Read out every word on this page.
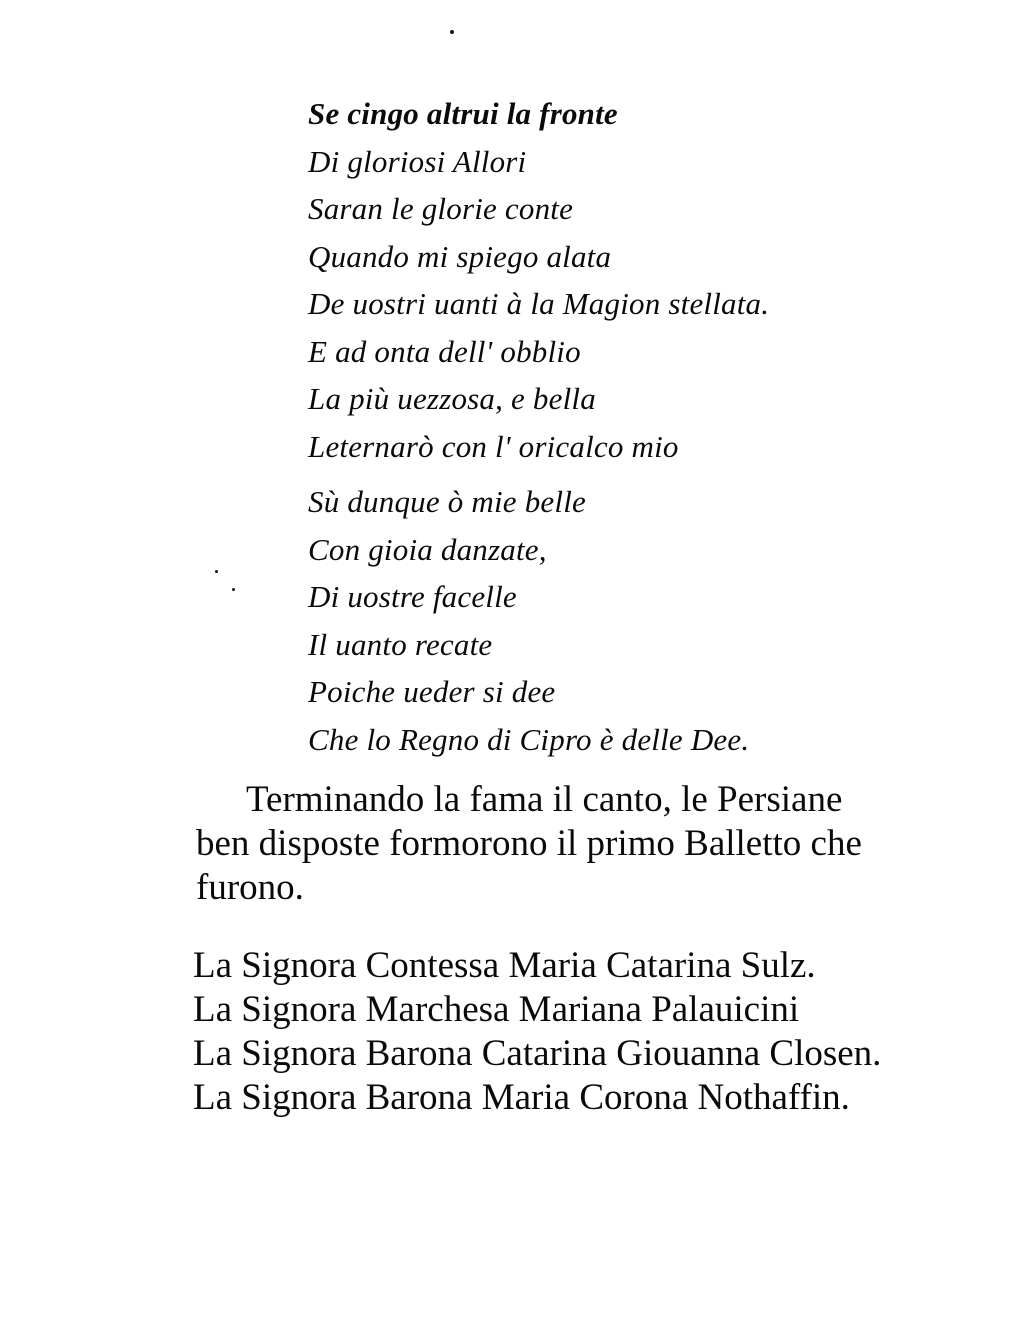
Se cingo altrui la fronte
Di gloriosi Allori
Saran le glorie conte
Quando mi spiego alata
De uostri uanti à la Magion stellata.
E ad onta dell' obblio
La più uezzosa, e bella
Leternarò con l' oricalco mio
Sù dunque ò mie belle
Con gioia danzate,
Di uostre facelle
Il uanto recate
Poiche ueder si dee
Che lo Regno di Cipro è delle Dee.

Terminando la fama il canto, le Persiane
ben disposte formorono il primo Balletto che
furono.

La Signora Contessa Maria Catarina Sulz.
La Signora Marchesa Mariana Palauicini
La Signora Barona Catarina Giouanna Closen.
La Signora Barona Maria Corona Nothaffin.
